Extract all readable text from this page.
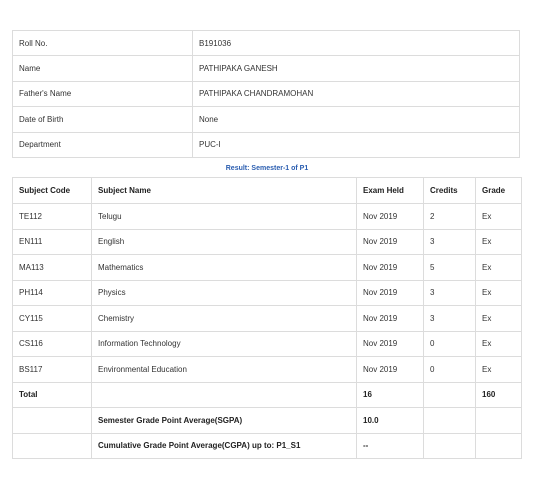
Roll No.	B191036
Name	PATHIPAKA GANESH
Father's Name	PATHIPAKA CHANDRAMOHAN
Date of Birth	None
Department	PUC-I
Result: Semester-1 of P1
Subject Code	Subject Name	Exam Held	Credits	Grade
TE112	Telugu	Nov 2019	2	Ex
EN111	English	Nov 2019	3	Ex
MA113	Mathematics	Nov 2019	5	Ex
PH114	Physics	Nov 2019	3	Ex
CY115	Chemistry	Nov 2019	3	Ex
CS116	Information Technology	Nov 2019	0	Ex
BS117	Environmental Education	Nov 2019	0	Ex
Total		16		160
	Semester Grade Point Average(SGPA)	10.0		
	Cumulative Grade Point Average(CGPA) up to: P1_S1	--		
